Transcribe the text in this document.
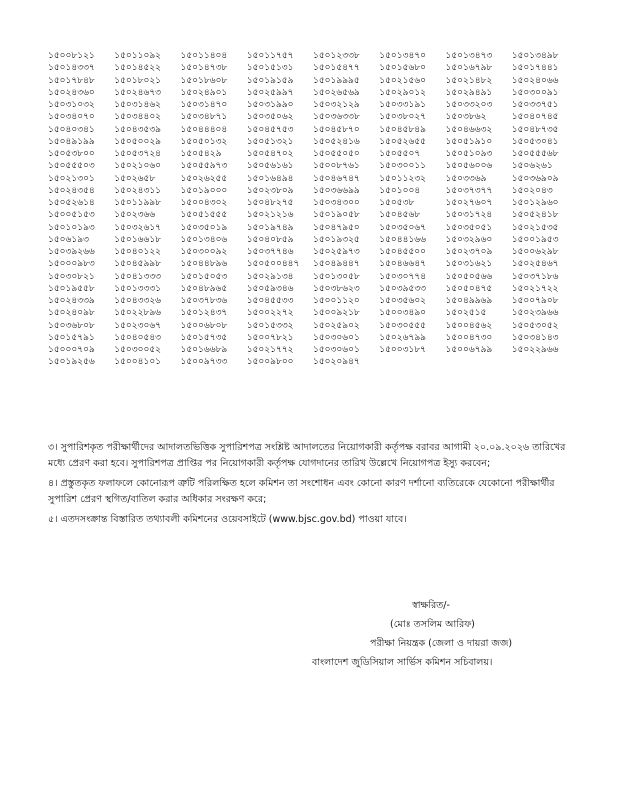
১৫০০৮১২১	১৫০১১০৯২	১৫০১১৪০৪	১৫০১১৭৫৭	১৫০১২৩৩৮	১৫০১৩৪৭০	১৫০১৩৪৭৩	১৫০১৩৪৯৮
১৫০১৪৩৩৭	১৫০১৪৫২২	১৫০১৪৭৩৮	১৫০১৫১৩১	১৫০১৫৪৭৭	১৫০১৫৬৮০	১৫০১৬৭৯৮	১৫০১৭৪৪১
১৫০১৭৮৪৮	১৫০১৮০২১	১৫০১৮৬০৮	১৫০১৯১৫৯	১৫০১৯৯৯৫	১৫০২১৫৬০	১৫০২১৪৮২	১৫০২৪০৬৬
১৫০২৪৩৬০	১৫০২৪৬৭৩	১৫০২৪৯০১	১৫০২৫৯৯৭	১৫০২৬৫৬৯	১৫০২৯০১২	১৫০২৯৪৯১	১৫০৩০০৯১
১৫০৩১০৩২	১৫০৩১৪৬২	১৫০৩১৪৭০	১৫০৩১৯৯০	১৫০৩২১২৯	১৫০৩৩১৯১	১৫০৩৩২০৩	১৫০৩৩৭৫১
১৫০৩৪০৭০	১৫০৩৪৪০২	১৫০৩৪৮৭১	১৫০৩৫০৬২	১৫০৩৬৩৩৮	১৫০৩৮০২৭	১৫০৩৮৬২	১৫০৪০৭৪৫
১৫০৪০৩৪১	১৫০৪৩৫৩৯	১৫০৪৪৪০৪	১৫০৪৫৭৫৩	১৫০৪৫৮৭০	১৫০৪৫৮৪৯	১৫০৪৬৬৩২	১৫০৪৮৭৩৫
১৫০৪৯১৯৯	১৫০৫০০২৯	১৫০৫০১৩২	১৫০৫১৩২১	১৫০৫২৪১৬	১৫০৫২৬৫৫	১৫০৫১৯১০	১৫০৫৩০৪১
১৫০৫৩৮০০	১৫০৫৩৭২৪	১৫০৫৪২৯	১৫০৫৪৭০২	১৫০৫৫০৫০	১৫০৫৫০৭	১৫০৫১০৯৩	১৫০৫৫৫৬৮
১৫০৫৫৫০৩	১৫০২১০৬০	১৫০৫৫৯৭৩	১৫০৫৬১৬১	১৫০০৮৭৬১	১৫০৩০০১১	১৫০৫৬০০৬	১৫০৬২৬১
১৫০২১৩০১	১৫০২৬৫৮	১৫০২৬২৫৫	১৫০১৬৪৯৪	১৫০৪৬৭৪৭	১৫০১১২৩২	১৫০৩৩৬৯	১৫০৩৬৯০৯
১৫০২৪৩৫৪	১৫০২৪৩১১	১৫০১৯০০০	১৫০২৩৮০৯	১৫০৩৬৬৯৯	১৫০১০০৪	১৫০৩৭৩৭৭	১৫০২০৪৩
১৫০৫২৬১৪	১৫০১১৯৯৮	১৫০০৪৩০২	১৫০৪৮২৭৫	১৫০৩৪৩০০	১৫০৫৩৮	১৫০২৭৬০৭	১৫০১২৯৬০
১৫০০৫১৫৩	১৫০২৩৬৬	১৫০৫১৫৫৫	১৫০২১২১৬	১৫০১৯০৫৮	১৫০৪৫৬৮	১৫০৩১৭২৪	১৫০৫২৪১৮
১৫০১০১৯৩	১৫০৩২৬১৭	১৫০৩৫০১৯	১৫০১৯৭৪৯	১৫০৪৭৯৫০	১৫০৩৫০৬৭	১৫০৩৫০৫১	১৫০২১৫৩৫
১৫০৬১৯৩	১৫০১৬৬১৮	১৫০১৩৪০৬	১৫০৪০৮৫৯	১৫০১৯৩২৫	১৫০৪৪১৬৬	১৫০৩২৯৬০	১৫০০১৯৫৩
১৫০৩৯২৬৬	১৫০৪০১২২	১৫০৩০০৯২	১৫০৩৭৭৪৬	১৫০২৫৯৭৩	১৫০৪৫৫০০	১৫০২৩৭০৯	১৫০০৬২৯৮
১৫০০০৯৮৩	১৫০৪৫৯৯৮	১৫০৪৪৮৯৬	১৫০৫০০৪৪৭	১৫০৪৯৪৪৭	১৫০৪৬৬৪৭	১৫০৩১৬২১	১৫০২৫৪৬৭
১৫০৩০৮২১	১৫০৪১৩৩৩	১৫০১৫০৫৩	১৫০২৯১৩৪	১৫০১৩০৫৮	১৫০৩০৭৭৪	১৫০৫০৫৬৬	১৫০৩৭১৮৬
১৫০১৯৫৫৮	১৫০১৩৩৩১	১৫০৪৮৯৬৫	১৫০৫৯৩৪৬	১৫০৩৮৬২৩	১৫০৩৯৫৩৩	১৫০৫০৪৭৫	১৫০২১৭২২
১৫০২৪৩৩৯	১৫০৪৩৩২৬	১৫০৩৭৮৩৬	১৫০৪৫৫৩৩	১৫০০১১২০	১৫০৩৫৬০২	১৫০৪৯৯৬৯	১৫০০৭৯০৮
১৫০২৪০৯৮	১৫০২২৮৯৬	১৫০১২৪৩৭	১৫০০২২৭২	১৫০০৯২১৮	১৫০০৩৪৯০	১৫০২৫১৫	১৫০২৩৯৬৬
১৫০৩৬৮০৮	১৫০২৩০৬৭	১৫০০৬৮০৮	১৫০১৫৩৩২	১৫০২৫৯০২	১৫০৩০৫৫৫	১৫০০৪৫৬২	১৫০৫৩০৫২
১৫০১৫৭৯১	১৫০৪০৫৪৩	১৫০১৫৭৩৫	১৫০০৭৮২১	১৫০৩০৬০১	১৫০২৬৭৯৯	১৫০০৪৭৩০	১৫০৩৪১৪৩
১৫০০০৭০৯	১৫০৩০০৫২	১৫০১৬৬৮৯	১৫০২১৭৭২	১৫০৩০৬০১	১৫০০৩১৮৭	১৫০০৬৭৯৯	১৫০২২৯৬৬
১৫০১৯২৫৬	১৫০০৪১০১	১৫০০৯৭৩৩	১৫০০৯৮০০	১৫০২০৯৪৭

৩। সুপারিশকৃত পরীক্ষার্থীদের আদালতভিত্তিক সুপারিশপত্র সংশ্লিষ্ট আদালতের নিয়োগকারী কর্তৃপক্ষ বরাবর আগামী ২০.০৯.২০২৬ তারিখের মধ্যে প্রেরণ করা হবে। সুপারিশপত্র প্রাপ্তির পর নিয়োগকারী কর্তৃপক্ষ যোগদানের তারিখ উল্লেখে নিয়োগপত্র ইস্যু করবেন;

৪। প্রস্তুতকৃত ফলাফলে কোনোরূপ ত্রুটি পরিলক্ষিত হলে কমিশন তা সংশোধন এবং কোনো কারণ দর্শানো ব্যতিরেকে যেকোনো পরীক্ষার্থীর সুপারিশ প্রেরণ স্থগিত/বাতিল করার অধিকার সংরক্ষণ করে;

৫। এতদসংক্রান্ত বিস্তারিত তথ্যাবলী কমিশনের ওয়েবসাইটে (www.bjsc.gov.bd) পাওয়া যাবে।

স্বাক্ষরিত/-
(মোঃ তসলিম আরিফ)
পরীক্ষা নিয়ন্ত্রক (জেলা ও দায়রা জজ)
বাংলাদেশ জুডিসিয়াল সার্ভিস কমিশন সচিবালয়।
